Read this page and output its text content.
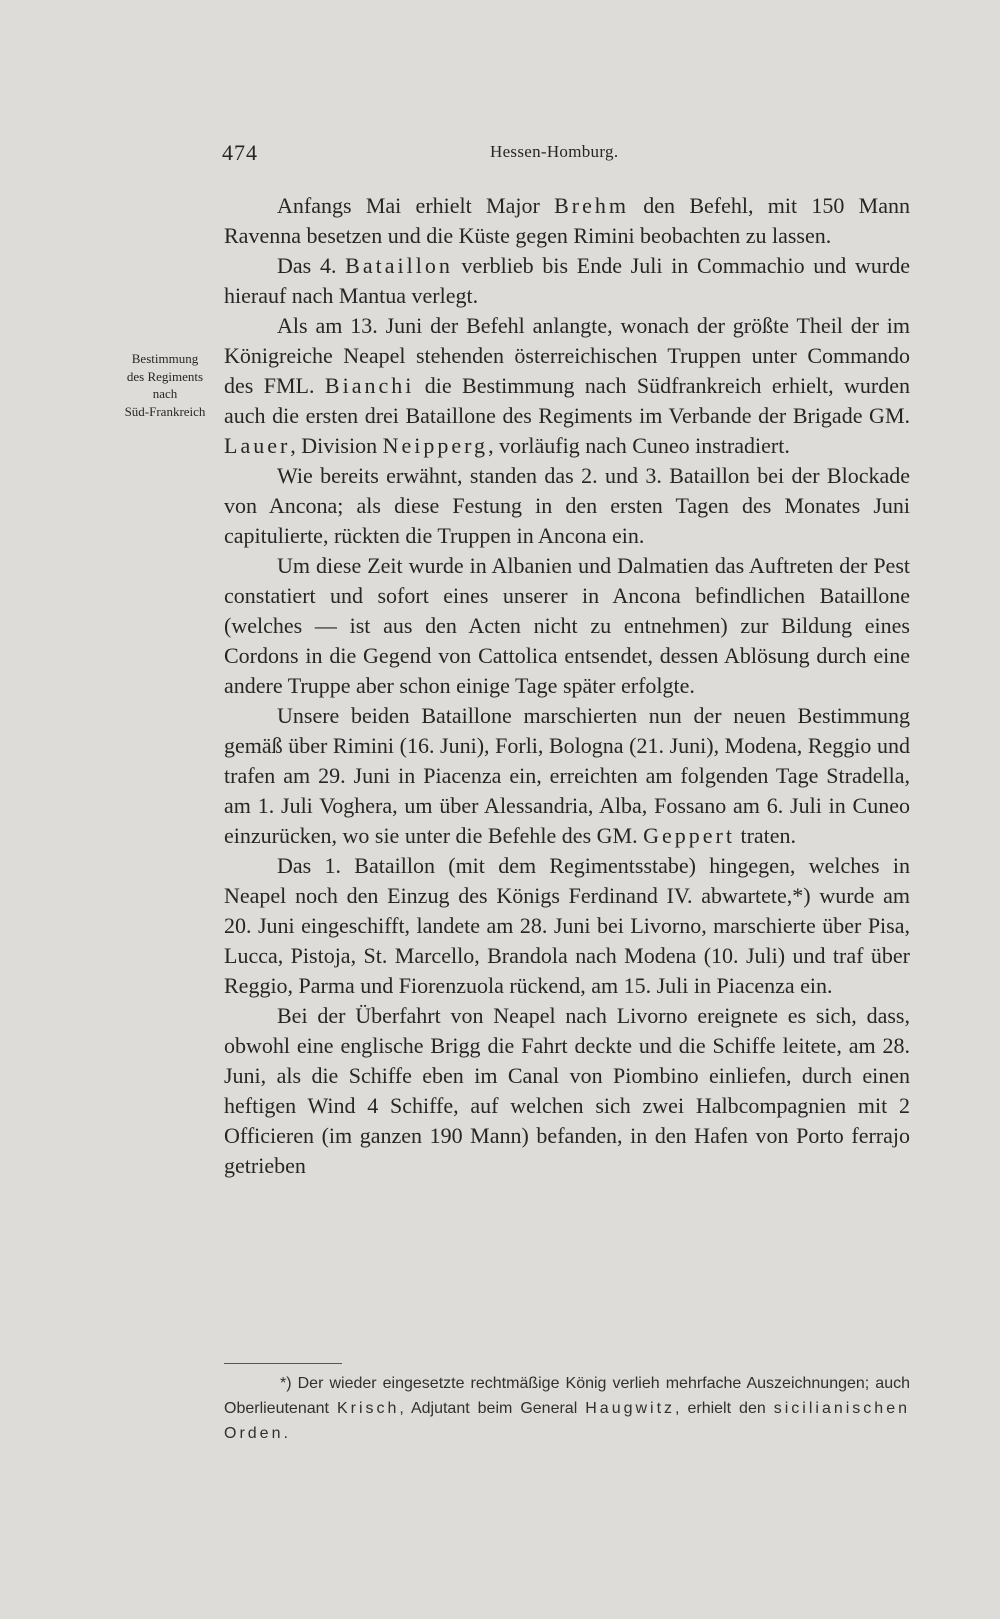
474	Hessen-Homburg.
Bestimmung
des Regiments
nach
Süd-Frankreich

Anfangs Mai erhielt Major Brehm den Befehl, mit 150 Mann Ravenna besetzen und die Küste gegen Rimini beobachten zu lassen.

Das 4. Bataillon verblieb bis Ende Juli in Commachio und wurde hierauf nach Mantua verlegt.

Als am 13. Juni der Befehl anlangte, wonach der größte Theil der im Königreiche Neapel stehenden österreichischen Truppen unter Commando des FML. Bianchi die Bestimmung nach Südfrankreich erhielt, wurden auch die ersten drei Bataillone des Regiments im Verbande der Brigade GM. Lauer, Division Neipperg, vorläufig nach Cuneo instradiert.

Wie bereits erwähnt, standen das 2. und 3. Bataillon bei der Blockade von Ancona; als diese Festung in den ersten Tagen des Monates Juni capitulierte, rückten die Truppen in Ancona ein.

Um diese Zeit wurde in Albanien und Dalmatien das Auftreten der Pest constatiert und sofort eines unserer in Ancona befindlichen Bataillone (welches — ist aus den Acten nicht zu entnehmen) zur Bildung eines Cordons in die Gegend von Cattolica entsendet, dessen Ablösung durch eine andere Truppe aber schon einige Tage später erfolgte.

Unsere beiden Bataillone marschierten nun der neuen Bestimmung gemäß über Rimini (16. Juni), Forli, Bologna (21. Juni), Modena, Reggio und trafen am 29. Juni in Piacenza ein, erreichten am folgenden Tage Stradella, am 1. Juli Voghera, um über Alessandria, Alba, Fossano am 6. Juli in Cuneo einzurücken, wo sie unter die Befehle des GM. Geppert traten.

Das 1. Bataillon (mit dem Regimentsstabe) hingegen, welches in Neapel noch den Einzug des Königs Ferdinand IV. abwartete,*) wurde am 20. Juni eingeschifft, landete am 28. Juni bei Livorno, marschierte über Pisa, Lucca, Pistoja, St. Marcello, Brandola nach Modena (10. Juli) und traf über Reggio, Parma und Fiorenzuola rückend, am 15. Juli in Piacenza ein.

Bei der Überfahrt von Neapel nach Livorno ereignete es sich, dass, obwohl eine englische Brigg die Fahrt deckte und die Schiffe leitete, am 28. Juni, als die Schiffe eben im Canal von Piombino einliefen, durch einen heftigen Wind 4 Schiffe, auf welchen sich zwei Halbcompagnien mit 2 Officieren (im ganzen 190 Mann) befanden, in den Hafen von Porto ferrajo getrieben

*) Der wieder eingesetzte rechtmäßige König verlieh mehrfache Auszeichnungen; auch Oberlieutenant Krisch, Adjutant beim General Haugwitz, erhielt den sicilianischen Orden.
